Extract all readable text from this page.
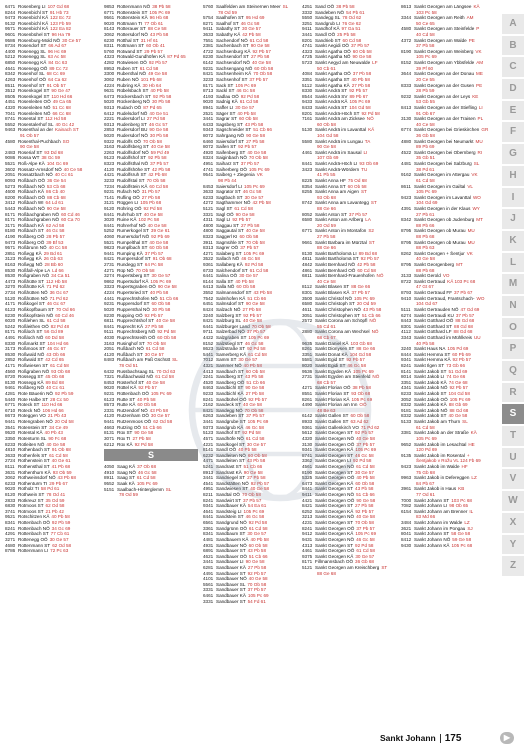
6471 Rosenberg LI 107 Gd 68
8244 Rosenbichl ST 91 Hb 73
9473 Rosenbichl KÄ 122 Ec 72
9132 Rosenbichl KÄ 123 Fb 59
9571 Rosenbichl KÄ 122 Ea 82
9601 Rosenbühel ST 96 Ha 79
9586 Rosenburg-Mold NÖ 30 Ce 57
8734 Rosendorf ST 66 Ad 67
4400 Rosenegg SL 96 Hc 69
5212 Rosenegg SL 63 Ac 58
6850 Rosenegg KÄ 84 Gc 63
4641 Rosenegg OÖ 89 Cc 72
8342 Rosenhof SL 68 Cc 69
4263 Rosenhof OÖ 64 Ca 62
8511 Rosenhof ST 91 Ob 57
3512 Rosenkogel ST 90 Ge 47
8505 Rosenkogel ST 110 Hd 66
4451 Rosenleiten OÖ 49 Ca 65
4320 Rosenleiten NÖ 51 Cc 68
7041 Rosenleiten NÖ 66 Cc 68
8741 Rosental ST 112 Hd 58
5552 Rosentalerhof SL 40 Gc 42
9463 Rosenthal an der Kainach ST
91 Ob 57
4580 Rosenthal-Puchbach SO
90 Ge 58
2483 Roseriaf ST 93 Dd 68
9086 Rossa WT 38 Gc 59
5521 Roß-Alpe KÄ 104 Gc 69
3602 Rossatz-Arnsdorf NÖ 40 Ce 58
2051 Rossatzbach NÖ 40 Cc 61
8093 Roßbach OÖ 36 Ge 54
5273 Roßbach NÖ 53 Cb 68
4600 Roßbach KÄ 86 Cb 40
8200 Roßbach OÖ 88 Cb 68
3412 Roßbach WI 64 Ld 61
5443 Roßbach NÖ 90 Ge 58
8171 Roßbachgraben NÖ 60 Cd 46
8171 Roßbachgraben NÖ 60 Ca 70
3171 Roßbach KÄ 62 Ad 58
8180 Roßbach ST 46 Gc 58
4190 Roßberg OÖ 28 Pb 57
9473 Roßberg OÖ 39 Bf 53
9571 Roßbrunn NÖ 40 Cc 58
2851 Roßegg KÄ 29 Bd 61
3123 Roßegg KÄ 26 Gb 63
8163 Roßegg NÖ 28 Bb 60
8530 Roßfall-Alpe LA Ld 66
8530 Roßgraben NÖ 34 Ca 51
4473 Roßhütte ST 112 Hb 58
3270 Roßhütte KÄ 71 Pd 62
2734 Roßhütten NÖ 36 Gc 67
5120 Roßhütten NÖ 71 Pd 62
4171 Roßkogel ST 46 Gc 67
6123 Roßkopfbaum ST 70 Od 66
8230 Roßkopfstein NÖ 60 Cd 46
6020 Roßlehen SL 61 Cd 58
5242 Roßleithen OÖ 82 Pd 48
8171 Roßloch ST 56 Gd 89
4491 Roßloch NÖ 60 Dd 58
8330 Roßmarkt ST 104 Hd 66
3173 Roßmoos ST 46 Gc 67
8530 Roßwald NÖ 43 Ob 66
2852 Roßwald ST 42 Cd 65
4171 Roßwiesen ST 61 Cd 58
4560 Roßgraben NÖ 93 Ob 68
8720 Rossegg ST 45 Ob 68
8130 Rossegg KÄ 89 Bd 68
9461 Roßberg NÖ 40 Cc 61
4281 Rote Bäuerin NÖ 92 Pb 59
5440 Rote Halbe ST 28 Cc 50
6771 Roteck ST 110 Hd 66
6710 Roteck NÖ 106 Hd 66
8673 Roteggen VO 21 Pb 43
9441 Rotengraben NÖ 20 Od 58
3541 Rotenstein ST 34 Ce 49
9520 Rotental KÄ 40 Pb 43
3350 Rotenturm SL 90 Fc 68
8233 Rotleiten NÖ 40 Ge 58
4810 Rothenbach ST 91 Ob 68
3633 Rothenfels ST 61 Cd 58
2724 Rothenstein ST 40 Ge 61
8111 Rothensthal ST 41 Pb 68
3631 Rothenthurn KÄ 93 Ob 59
3062 Rothweinsdorf NÖ 43 Pb 68
6233 Rothenturm TI 29 Pb 67
9020 Rotholz TI 58 Pd 61
8120 Rothwein ST 78 Od 41
2833 Rotkreuz ST 35 Od 59
6830 Rotmoos ST 62 Od 58
3741 Rotmoos ST 21 Pb 42
9521 Rotschitzen KÄ 40 Pb 58
8341 Rottenbach OÖ 92 Pb 59
8241 Rottenbach NÖ 34 Gc 69
4291 Rottenbach ST 77 Cb 61
3271 Rottenegg OÖ 30 Ge 57
4680 Rottenmann ST 62 Od 58
8786 Rottenmann LI 72 Pc 63
9853 Rottenmann NÖ 38 Pb 58
6771 Rottenstein ST 105 Pc 69
9561 Rottenstein KÄ 96 Hb 68
9020 Rottmann TI 77 Ob 61
8143 Rotterauer ST 88 Ce 58
3062 Rottersdorf NÖ 43 Pb 58
6230 Rotthal ST 31 Hf 61
8311 Rottmann ST 60 Ob 41
5760 Rotwand ST 29 Pb 57
4323 Rotwald-Gundhöfen KÄ 87 Pd 65
4282 Rotwiesen OÖ 92 Pb 57
8953 Ruben ST 61 Cd 58
3300 Rubenthal NÖ 49 Ge 58
3062 Ruben NÖ 101 Pb 68
4224 Rubring KÄ 30 Hb 64
9631 Rübelsbach ST 40 Pb 58
6473 Rückersbach ST 92 Pb 58
5020 Rückenberg NÖ 30 Pb 58
9313 Rudach OÖ 87 Pd 65
6412 Rudelsdorf NÖ 40 Ge 51
2221 Rudersdorf LI 27 Pd 58
9313 Rudenberg ST 46 Gc 57
2853 Rudersdorf BU 90 Ge 58
5020 Rudersdorf NÖ 30 Pb 58
9322 Rudolfs OÖ 70 Ob 58
3163 Rudolfsberg ST 40 Ge 58
2263 Rudolfsdorf NÖ 59 Pd 49
9123 Rudolfshof ST 92 Pb 58
8323 Rudolfsthal NÖ 37 Pb 57
4120 Rudolfshöhe ST 42 Pb 58
4421 Rudolfsruh ST 42 Pb 68
3233 Rudolfstal ST 70 Ob 58
7234 Rudolfstein KÄ 60 Cd 58
9231 Rufach NÖ 31 Pb 57
7141 Rufling OÖ 27 Pb 58
3121 Rüggen LI 105 Pb 68
9120 Rühring OÖ 92 Pd 58
8441 Ruhrhub ST 40 Ge 58
3020 Ruine KÄ 102 Pc 58
8441 Rührerhof NÖ 40 Ge 58
5252 Rumerkogel ST 39 Ge 61
4060 Rumersdorf NÖ 92 Pb 69
5521 Rumpelthal ST 40 Ge 58
9823 Rumplbach ST 60 Ob 58
9441 Rumping KÄ 37 Pb 57
8421 Rumpersdorf ST 91 Ob 68
2731 Rundegg ST 64 Pc 58
4271 Rüp NÖ 70 Ob 58
3274 Rupertsberg ST 30 Ge 57
9862 Rupertsdorf KÄ 105 Pc 69
3323 Rupertsgraben OÖ 90 Ge 58
4224 Rupertsried ST 40 Pb 58
4441 Ruprechtshofen NÖ 51 Cb 66
9231 Ruppersdorf ST 60 Ob 58
5020 Ruppersthal NÖ 30 Pb 58
8230 Rupping OÖ 92 Pb 57
6811 Rupprechtshof ST 40 Ge 58
8441 Ruprecht KÄ 27 Pb 58
9111 Ruprechtsberg NÖ 92 Pd 58
4030 Ruprechtsreith OÖ 60 Ob 58
3163 Rusinghof ST 70 Ob 58
2051 Rußbach NÖ 61 Cd 58
4120 Rußbach ST 30 Ge 57
8483 Rußbach am Paß Gschütt SL
78 Od 51
6432 Russbachsaag SL 70 Od 63
7321 Rußbachwald NÖ 61 Cd 58
8453 Rüsterhof ST 40 Ge 58
9020 Rüttel KÄ 92 Pb 57
9231 Rüttenbach OÖ 105 Pc 69
6123 Rutte ST 40 Pb 58
8573 Rutte KÄ 60 Ob 58
2331 Rutzendorf NÖ 43 Pb 58
4120 Rutzenham OÖ 30 Ge 57
9441 Rutzenmoos OÖ 62 Od 58
4663 Rutzing OÖ 51 Cb 66
8131 Rüx ST 90 Ge 58
3071 Rüx TI 27 Pb 58
6212 Rüx KÄ 92 Pd 58
S
4050 Saag KÄ 37 Ob 68
4910 Saag NÖ 46 Gc 58
8911 Saag ST 61 Cd 58
9552 Saak KÄ 105 Pc 69
5151 Saalbach-Hinterglemm SL
78 Od 59
5760 Saalfelden am Steinernen Meer SL
78 Od 59
5754 Saalhofen ST 95 Hd 69
8271 Saalhof ST 46 Gc 58
9411 Sabathy ST 30 Ge 57
3633 Sabathy KÄ 42 Pb 58
7551 Sachendorf NÖ 61 Cd 58
2381 Sachenbach ST 90 Ge 58
4722 Sachsenburg KÄ 92 Pb 57
8230 Sachsendorf ST 27 Pb 58
6142 Sachsendorf NÖ 40 Ge 58
9231 Sachsengang NÖ 60 Ob 58
8421 Sachsenheim KÄ 70 Ob 58
3233 Sachsenhof ST 37 Pb 57
8171 Sack ST 105 Pc 69
8713 Sackl ST 46 Gc 58
4193 Sadlau OÖ 92 Pd 58
9020 Sadnig KÄ 61 Cd 58
8941 Saffer LI 30 Ge 57
2521 Säger ST 40 Pb 58
3441 Sagrar ST 60 Ob 58
6433 Sagsberg ST 43 Pb 58
9343 Sagschneider ST 51 Cb 66
8072 Sahrgang NÖ 90 Ge 58
6460 Saiersdorf ST 27 Pb 58
8072 Saifen ST 92 Pb 57
4920 Saifenberg ST 40 Ge 58
8324 Saiginbach NÖ 70 Ob 58
4951 Saiharz ST 37 Pb 57
4741 Saiherberg OÖ 105 Pc 69
9541 Saiberg + Ziegenia VK
98 Pb 44
8453 Saiersdorf LI 105 Pc 69
3633 Sagrator ST 46 Gc 58
6233 Sagtbach ST 30 Ge 57
4272 Sagthammer NÖ 42 Pb 58
5121 Sagl ST 61 Cd 58
3321 Sagl OÖ 90 Ge 58
4311 Sagl LI 92 Pb 57
4800 Saggau ST 27 Pb 58
4800 Saggautal ST 40 Ge 58
8323 Saggerl KI 60 Ob 58
3911 Sagmühle ST 70 Ob 58
8313 Sagrer OÖ 37 Pb 57
4271 Salaberg ST 105 Pc 69
3522 Sallach NÖ 46 Gc 58
9361 Sallaberg KÄ 92 Pd 58
6733 Salchendorf ST 61 Cd 58
6441 Salina OÖ 30 Ge 57
8144 Salla ST 40 Pb 58
6413 Salla NÖ 60 Ob 58
3552 Salmannsdorf ST 43 Pb 58
7542 Salmhofen KÄ 51 Cb 66
6451 Salmsdorf ST 90 Ge 58
8424 Salzach NÖ 27 Pb 58
3240 Salzberg ST 92 Pb 57
8421 Salzburg SL 40 Ge 58
6441 Salzburger Land 70 Ob 58
9711 Salzerbad NÖ 37 Pb 57
4422 Salzgraben ST 105 Pc 69
8152 Salzstiegl ST 46 Gc 58
8623 Salzstraße ST 92 Pd 58
5441 Samerberg KÄ 61 Cd 58
7012 Samm ST 30 Ge 57
4321 Sammer NÖ 40 Pb 58
4413 Sandbach ST 60 Ob 58
3241 Sandberg ST 43 Pb 58
4520 Sandberg OÖ 51 Cb 66
8463 Sandbichl ST 90 Ge 58
9233 Sandbichl KÄ 27 Pb 58
8241 Sandbühel OÖ 92 Pb 57
2162 Sandeck ST 40 Ge 58
8421 Sandegg NÖ 70 Ob 58
6263 Sandeben ST 37 Pb 57
3441 Sandgrube ST 105 Pc 69
9373 Sandgrub KÄ 46 Gc 58
5123 Sandhof ST 92 Pd 58
4571 Sandhöfe NÖ 61 Cd 58
4221 Sandkogel ST 30 Ge 57
8141 Sandl OÖ 40 Pb 58
6232 Sandleiten NÖ 60 Ob 58
4471 Sandleiten ST 43 Pb 58
5241 Sandrast ST 51 Cb 66
8913 Sandrast KÄ 90 Ge 58
3441 Sandriegel ST 27 Pb 58
4541 Sandstätten NÖ 92 Pb 57
4951 Sandwiesen ST 40 Ge 58
8211 Sandtal OÖ 70 Ob 58
8241 Sandwirt ST 37 Pb 57
9341 Sandbauer KÄ 54 Ea 61
4641 Sandsteig LI 105 Pc 69
8441 Sandstein ST 46 Gc 58
6561 Sandgrund NÖ 92 Pd 58
3361 Sandgrünn OÖ 61 Cd 58
8341 Sandbaum ST 30 Ge 57
4481 Sandbauern KÄ 40 Pb 58
4931 Sandbauer NÖ 60 Ob 58
6891 Sandbauer ST 43 Pb 58
4621 Sandbauer OÖ 51 Cb 66
3441 Sandbauer LI 90 Ge 58
6281 Sandbauer KÄ 27 Pb 58
4491 Sandbauer ST 92 Pb 57
4101 Sandbauer NÖ 40 Ge 58
5561 Sandbauer SL 70 Ob 58
3331 Sandbauer ST 37 Pb 57
6461 Sandbauer KÄ 105 Pc 69
3331 Sandbauer ST 54 Fd 61
4251 Sand OÖ 38 Pb 58
3332 Sandeben NÖ 54 Pb 61
5550 Sandegg SL 78 Od 62
3251 Sandgrub LI 76 Ge 62
9411 Sandhof KÄ 97 Ga 51
3441 Sandl OÖ 25 Pb 58
8201 Sandrieb ST 60 Cd 58
4741 Sankt Aegidi OÖ 37 Pb 57
4323 Sankt Agatha OÖ 60 Ob 58
4725 Sankt Agatha NÖ 90 Ge 58
5723 Sankt Aegyd am Neuwalde LF
50 Cb 61
4084 Sankt Agatha OÖ 37 Pb 58
3351 Sankt Agatha ST 40 Pb 58
5112 Sankt Agatha KÄ 27 Pb 58
8330 Sankt Andrä ST 92 Pb 57
8544 Sankt Andrä SV 89 Pb 67
9433 Sankt Andrä KÄ 105 Pc 69
8433 Sankt Andrä ST 104 Gd 58
8201 Sankt Andrä-Höch ST 92 Pd 58
7161 Sankt Andrä am Zicksee NÖ
60 Ob 58
5130 Sankt Andrä im Lavanttal KÄ
104 Gd 58
5580 Sankt Andrä im Lungau TA
90 Ge 58
4461 Sankt Andrä im Sausal LI
107 Gb 69
8441 Sankt Andrä-Höch LI 93 Ob 69
3423 Sankt Andrä-Wördern TU
41 Pb 55
8225 Sankt Anna HF 75 Od 68
8354 Sankt Anna ST 60 Ob 58
8255 Sankt Anna am Aigen ST
93 Ob 68
8742 Sankt Anna am Lavantegg ST
88 Ge 66
8052 Sankt Anton ST 37 Pb 57
6580 Sankt Anton am Arlberg LA
20 Od 59
6771 Sankt Anton im Montafon S2
27 Pb 58
9661 Sankt Barbara im Mürztal ST
88 Ge 66
8130 Sankt Bartholomä LI 89 Bd 68
4811 Sankt Bartholomä ST 92 Pb 57
4842 Sankt Bernhard NÖ 42 Pb 58
4861 Sankt Bernhard OÖ 60 Cd 58
6811 Sankt Bernhard-Frauenhofen NÖ
40 Ce 58
8112 Sankt Blasen ST 88 Ge 66
8301 Sankt Blasen KÄ 37 Pb 57
3500 Sankt Christof NÖ 105 Pc 69
6580 Sankt Christoph ST 20 Od 59
4611 Sankt Christophen NÖ 43 Pb 58
3051 Sankt Christophen ST 51 Cb 66
2572 Sankt Corona am Schöpfl NÖ
55 Cd 61
2880 Sankt Corona am Wechsel NÖ
68 Cb 67
9635 Sankt Daniel KÄ 103 Gb 68
8261 Sankt Dionysen ST 88 Ge 66
3351 Sankt Donat KÄ 104 Gd 58
5581 Sankt Egid ST 92 Pb 57
8020 Sankt Egidi ST 46 Gc 58
9536 Sankt Egyden KÄ 105 Pc 69
2731 Sankt Egyden am Steinfeld NÖ
68 Cb 57
4271 Sankt Florian OÖ 38 Pb 58
8551 Sankt Florian ST 93 Ob 68
8261 Sankt Florian KÄ 105 Pc 69
4490 Sankt Florian am Inn OÖ
48 Be 63
6142 Sankt Gallen ST 60 Ob 58
8933 Sankt Gallen ST 63 Ad 62
9361 Sankt Gallenkirch VO 71 Pd 62
5612 Sankt Georgen ST 92 Pb 57
4320 Sankt Georgen NÖ 40 Ge 58
3130 Sankt Georgen OÖ 37 Pb 57
9341 Sankt Georgen KÄ 105 Pc 69
8741 Sankt Georgen ST 46 Gc 58
3362 Sankt Georgen LI 92 Pd 58
4561 Sankt Georgen NÖ 61 Cd 58
8190 Sankt Georgen ST 30 Ge 57
5325 Sankt Georgen OÖ 40 Pb 58
6473 Sankt Georgen KÄ 60 Ob 58
8441 Sankt Georgen ST 43 Pb 58
9411 Sankt Georgen NÖ 51 Cb 66
4421 Sankt Georgen OÖ 90 Ge 58
8421 Sankt Georgen ST 27 Pb 58
6252 Sankt Georgen KÄ 92 Pb 57
3213 Sankt Georgen NÖ 40 Ge 58
4231 Sankt Georgen ST 70 Ob 58
8241 Sankt Georgen OÖ 37 Pb 57
9412 Sankt Georgen KÄ 105 Pc 69
9431 Sankt Georgen NÖ 46 Gc 58
4313 Sankt Georgen ST 92 Pd 58
4461 Sankt Georgen OÖ 61 Cd 58
9375 Sankt Georgen KÄ 30 Ge 57
8171 Fillmannsbach OÖ 36 Gb 68
5121 Sankt Georgen am Kreischberg ST
88 Ge 68
8613 Sankt Georgen am Längsee KÄ
103 Pc 58
3344 Sankt Georgen am Reith AM
50 Ce 65
4580 Sankt Georgen am Steinfelde P
40 Cd 58
4372 Sankt Georgen am Walde PE
37 Pb 58
8190 Sankt Georgen am Weinberg VK
105 Pc 69
8152 Sankt Georgen am Ybbsfelde AM
39 Pf 60
3644 Sankt Georgen an der Donau ME
20 Ce 55
8333 Sankt Georgen an der Gusen PE
28 Pb 59
9232 Sankt Georgen an der Leys KE
53 Gb 55
8413 Sankt Georgen an der Stiefling LI
91 Ob 67
3130 Sankt Georgen an der Traisen PL
40 Ce 58
6774 Sankt Georgen bei Grieskirchen GR
36 Gb 58
4880 Sankt Georgen bei Neumarkt MU
89 Pb 69
4522 Sankt Georgen bei Obernberg RI
35 Gb 51
4481 Sankt Georgen bei Salzburg SL
38 Pd 61
9162 Sankt Georgen im Attergau VK
61 Cd 58
8611 Sankt Georgen im Gailtal VL
105 Pc 69
9423 Sankt Georgen im Lavanttal WO
104 Gd 69
4391 Sankt Georgen in der Klaus WY
27 Pb 61
8342 Sankt Georgen ob Judenburg MT
88 Pb 66
8795 Sankt Georgen ob Murau MU
88 Pb 68
8795 Sankt Georgen ob Murau MU
88 Pb 63
8262 Sankt Georgen + Šentjur VK
40 Ge 58
8795 Sankt Georgenberg MT
88 Pb 68
3133 Sankt Gerold VO
8722 Sankt Gertraud KÄ 103 Pc 68
47 Gt 67
8793 Sankt Gertraud FF 37 Pb 67
9410 Sankt Gertraud, Frantschach- WO
104 Gd 67
5111 Sankt Gertrauden NÖ 47 Gd 69
6274 Sankt Gertraudi KU 37 Pb 57
8443 Sankt Gotthard OÖ 88 Gd 68
8301 Sankt Gotthard ST 88 Gd 68
4112 Sankt Gotthard LF 88 Gd 68
3343 Sankt Gotthard im Mühlkreis UU
40 Pb 58
3240 Sankt Haus NA 105 Pd 69
8444 Sankt Hemma ST 60 Pb 69
9341 Sankt Hemma KÄ 92 Pb 57
8241 Sankt Ilgen ST 73 Gb 66
8141 Sankt Jakob ST 51 Gd 69
8014 Sankt Jakob LI 74 Ge 66
3351 Sankt Jakob KÄ 74 Ge 68
4341 Sankt Jakob NÖ 92 Pb 57
8233 Sankt Jakob ST 104 Gd 58
3052 Sankt Jakob OÖ 105 Pc 69
8332 Sankt Jakob KÄ 88 Gb 69
9181 Sankt Jakob NÖ 88 Gd 68
8332 Sankt Jakob ST 40 Ge 58
5133 Sankt Jakob am Thurn SL
61 Cd 58
3381 Sankt Jakob an der Straße KÄ
105 Pc 69
9652 Sankt Jakob im Lesachtal HE
120 Pd 69
9135 Sankt Jakob im Rosental +
Šentjakob v Rožu VL 124 Fb 69
9423 Sankt Jakob im Walde HF
75 Gb 68
9963 Sankt Jakob in Defereggen LZ
84 Pb 67
3961 Sankt Jakob in Haus KB
77 Od 61
7000 Sankt Johann ST 103 Pc 68
7082 Sankt Johann LI 98 Ob 65
6154 Sankt Johann am Brenner IL
83 Md 66
3484 Sankt Johann im Walde LZ
3621 Sankt Johann im Pongau SJ
8041 Sankt Johann ST 58 Ge 58
8412 Sankt Johann NÖ 59 Ge 58
9430 Sankt Johann KÄ 105 Pc 68
A
B
C
D
E
F
G
H
I
J
K
L
M
N
O
P
Q
R
S
T
U
V
W
X
Y
Z
Sankt Johann 175	▶
